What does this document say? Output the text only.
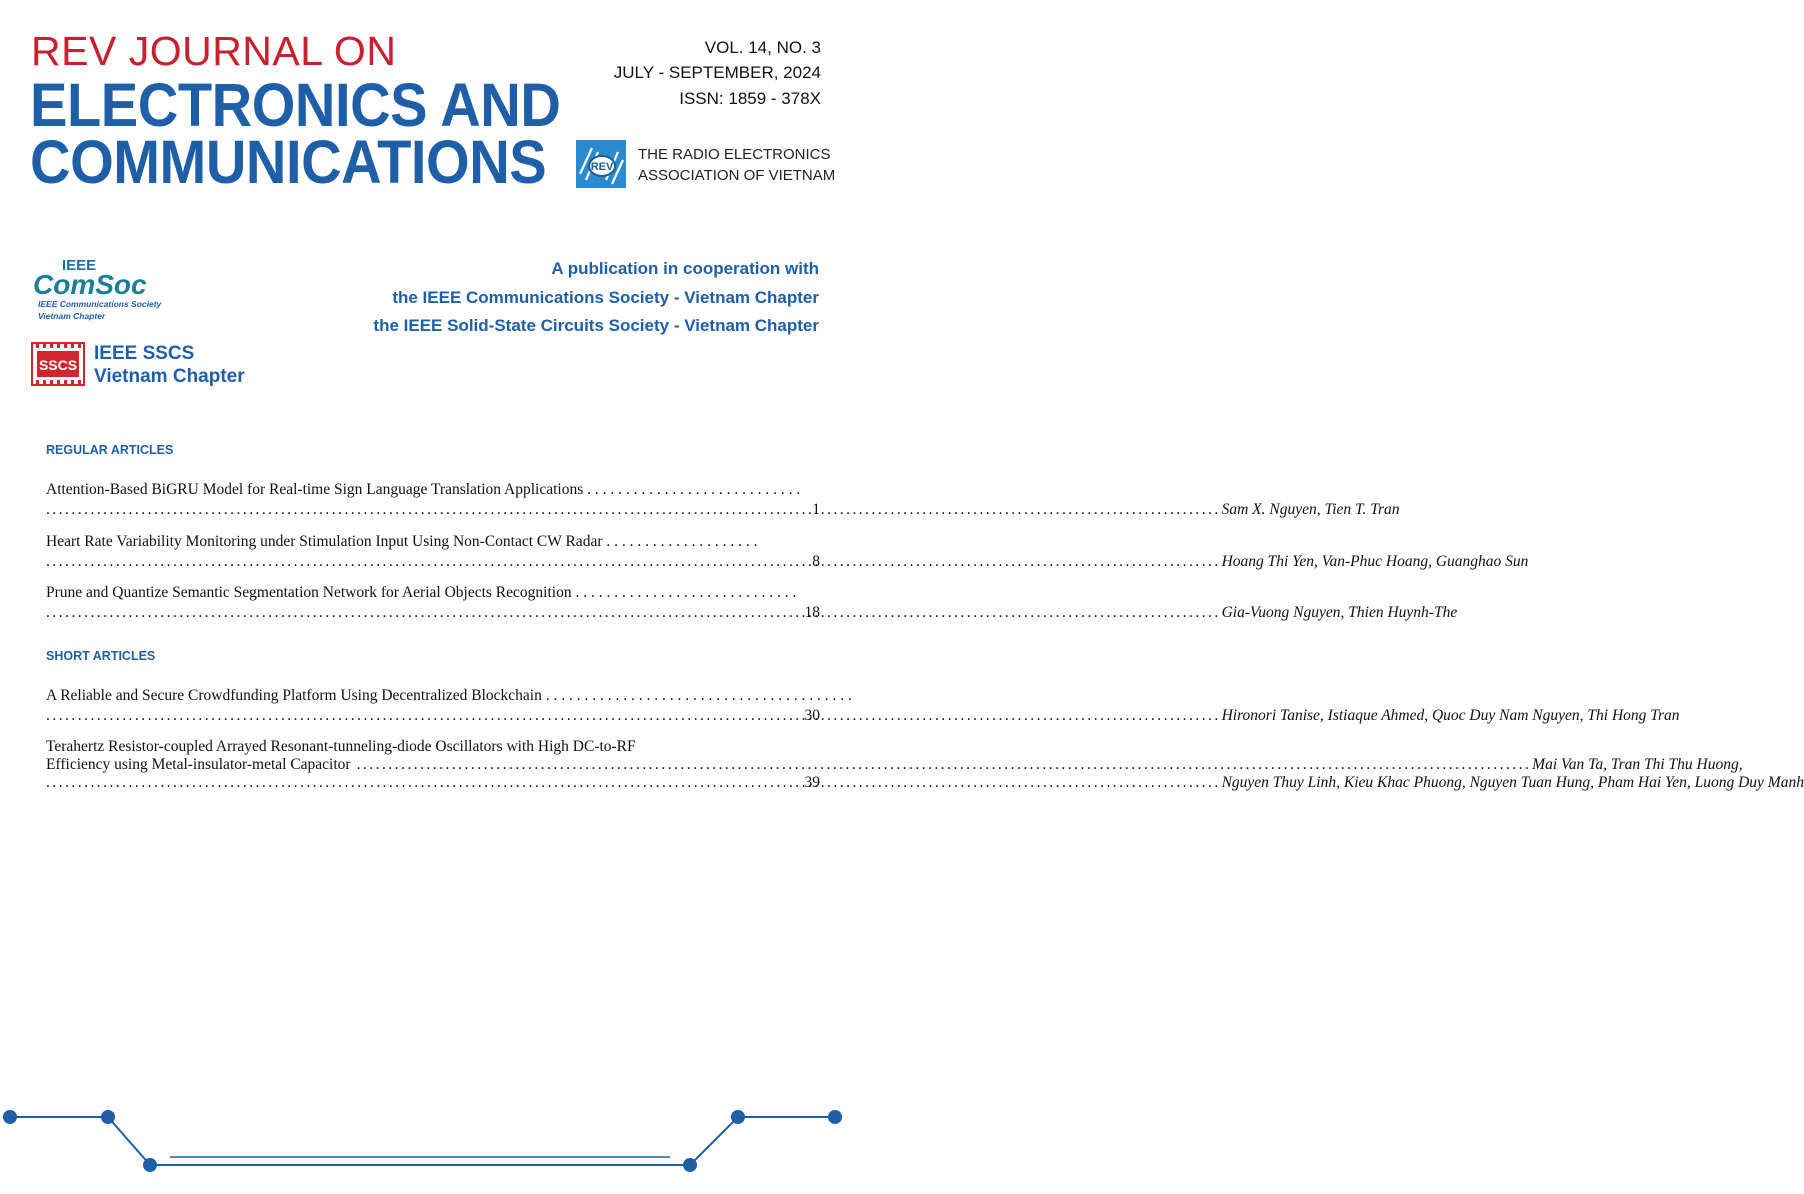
REV JOURNAL ON
ELECTRONICS AND
COMMUNICATIONS
VOL. 14, NO. 3
JULY - SEPTEMBER, 2024
ISSN: 1859 - 378X
REV
THE RADIO ELECTRONICS
ASSOCIATION OF VIETNAM
IEEE
ComSoc
IEEE Communications Society
Vietnam Chapter
SSCS
IEEE SSCS
Vietnam Chapter
A publication in cooperation with
the IEEE Communications Society - Vietnam Chapter
the IEEE Solid-State Circuits Society - Vietnam Chapter
REGULAR ARTICLES
Attention-Based BiGRU Model for Real-time Sign Language Translation Applications . . . . . . . . . . . . . . . . . . . . . . . . . . . .
. . .
Sam X. Nguyen, Tien T. Tran
1
Heart Rate Variability Monitoring under Stimulation Input Using Non-Contact CW Radar . . . . . . . . . . . . . . . . . . . .
. . .
Hoang Thi Yen, Van-Phuc Hoang, Guanghao Sun
8
Prune and Quantize Semantic Segmentation Network for Aerial Objects Recognition . . . . . . . . . . . . . . . . . . . . . . . . . . . . .
. . .
Gia-Vuong Nguyen, Thien Huynh-The
18
SHORT ARTICLES
A Reliable and Secure Crowdfunding Platform Using Decentralized Blockchain . . . . . . . . . . . . . . . . . . . . . . . . . . . . . . . . . . . . . . . .
. . .
Hironori Tanise, Istiaque Ahmed, Quoc Duy Nam Nguyen, Thi Hong Tran
30
Terahertz Resistor-coupled Arrayed Resonant-tunneling-diode Oscillators with High DC-to-RF
Efficiency using Metal-insulator-metal Capacitor
. . .	Mai Van Ta, Tran Thi Thu Huong,
. . .
Nguyen Thuy Linh, Kieu Khac Phuong, Nguyen Tuan Hung, Pham Hai Yen, Luong Duy Manh
39
